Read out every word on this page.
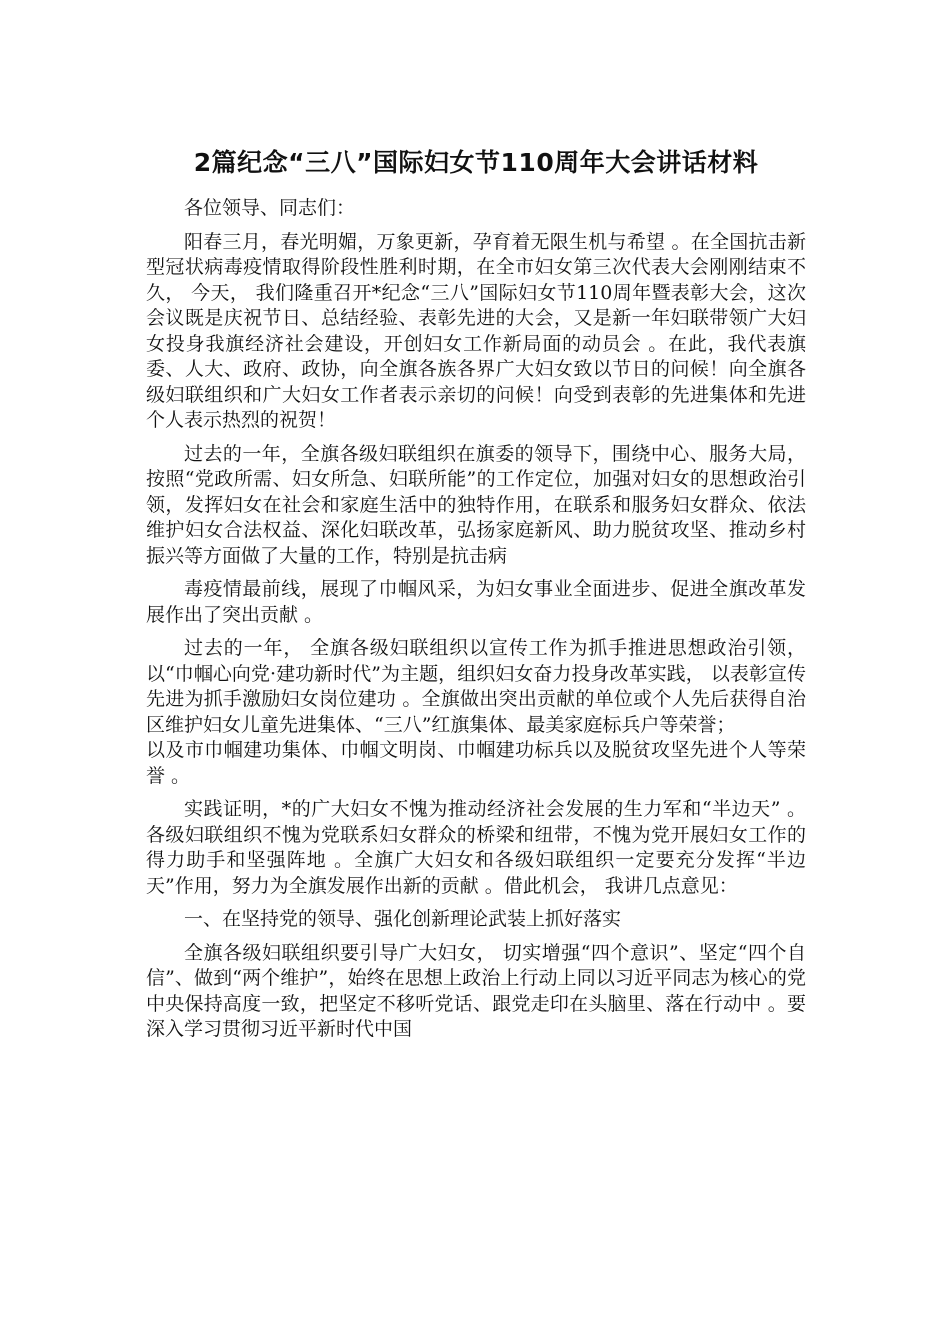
2篇纪念“三八”国际妇女节110周年大会讲话材料

各位领导、同志们：

阳春三月，春光明媚，万象更新，孕育着无限生机与希望 。在全国抗击新型冠状病毒疫情取得阶段性胜利时期，在全市妇女第三次代表大会刚刚结束不久， 今天， 我们隆重召开*纪念“三八”国际妇女节110周年暨表彰大会，这次会议既是庆祝节日、总结经验、表彰先进的大会，又是新一年妇联带领广大妇女投身我旗经济社会建设，开创妇女工作新局面的动员会 。在此，我代表旗委、人大、政府、政协，向全旗各族各界广大妇女致以节日的问候！向全旗各级妇联组织和广大妇女工作者表示亲切的问候！向受到表彰的先进集体和先进个人表示热烈的祝贺！

过去的一年，全旗各级妇联组织在旗委的领导下，围绕中心、服务大局，按照“党政所需、妇女所急、妇联所能”的工作定位，加强对妇女的思想政治引领，发挥妇女在社会和家庭生活中的独特作用，在联系和服务妇女群众、依法维护妇女合法权益、深化妇联改革，弘扬家庭新风、助力脱贫攻坚、推动乡村振兴等方面做了大量的工作，特别是抗击病

毒疫情最前线，展现了巾帼风采，为妇女事业全面进步、促进全旗改革发展作出了突出贡献 。

过去的一年， 全旗各级妇联组织以宣传工作为抓手推进思想政治引领，以“巾帼心向党·建功新时代”为主题，组织妇女奋力投身改革实践， 以表彰宣传先进为抓手激励妇女岗位建功 。全旗做出突出贡献的单位或个人先后获得自治区维护妇女儿童先进集体、“三八”红旗集体、最美家庭标兵户等荣誉；

以及市巾帼建功集体、巾帼文明岗、巾帼建功标兵以及脱贫攻坚先进个人等荣誉 。

实践证明，*的广大妇女不愧为推动经济社会发展的生力军和“半边天” 。各级妇联组织不愧为党联系妇女群众的桥梁和纽带，不愧为党开展妇女工作的得力助手和坚强阵地 。全旗广大妇女和各级妇联组织一定要充分发挥“半边天”作用，努力为全旗发展作出新的贡献 。借此机会， 我讲几点意见：

一、在坚持党的领导、强化创新理论武装上抓好落实

全旗各级妇联组织要引导广大妇女， 切实增强“四个意识”、坚定“四个自信”、做到“两个维护”，始终在思想上政治上行动上同以习近平同志为核心的党中央保持高度一致，把坚定不移听党话、跟党走印在头脑里、落在行动中 。要深入学习贯彻习近平新时代中国
